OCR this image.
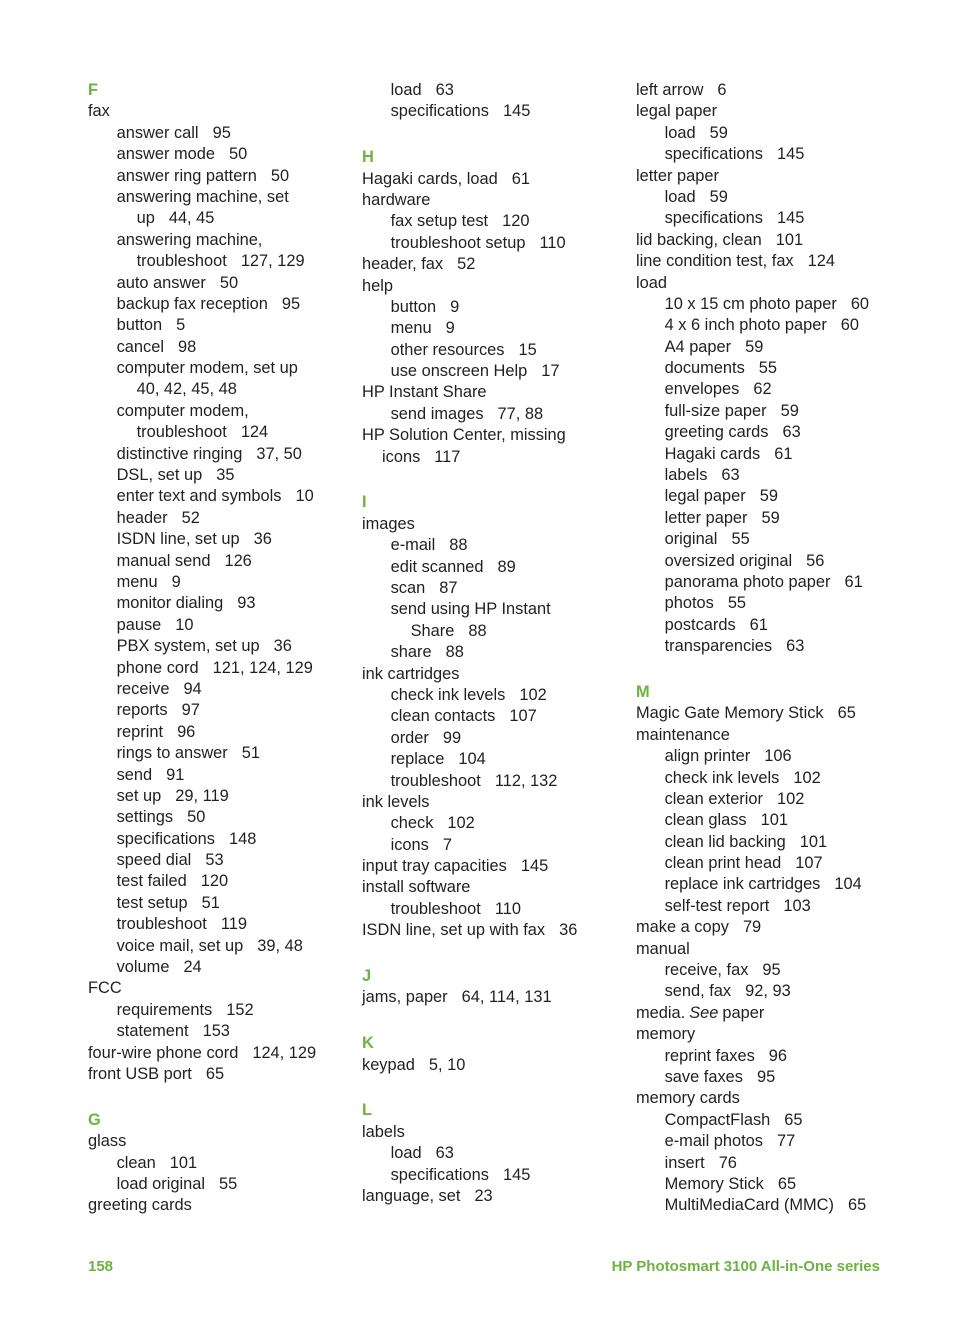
F
fax
answer call 95
answer mode 50
answer ring pattern 50
answering machine, set
up 44, 45
answering machine,
troubleshoot 127, 129
auto answer 50
backup fax reception 95
button 5
cancel 98
computer modem, set up
40, 42, 45, 48
computer modem,
troubleshoot 124
distinctive ringing 37, 50
DSL, set up 35
enter text and symbols 10
header 52
ISDN line, set up 36
manual send 126
menu 9
monitor dialing 93
pause 10
PBX system, set up 36
phone cord 121, 124, 129
receive 94
reports 97
reprint 96
rings to answer 51
send 91
set up 29, 119
settings 50
specifications 148
speed dial 53
test failed 120
test setup 51
troubleshoot 119
voice mail, set up 39, 48
volume 24
FCC
requirements 152
statement 153
four-wire phone cord 124, 129
front USB port 65
G
glass
clean 101
load original 55
greeting cards
load 63
specifications 145
H
Hagaki cards, load 61
hardware
fax setup test 120
troubleshoot setup 110
header, fax 52
help
button 9
menu 9
other resources 15
use onscreen Help 17
HP Instant Share
send images 77, 88
HP Solution Center, missing
icons 117
I
images
e-mail 88
edit scanned 89
scan 87
send using HP Instant
Share 88
share 88
ink cartridges
check ink levels 102
clean contacts 107
order 99
replace 104
troubleshoot 112, 132
ink levels
check 102
icons 7
input tray capacities 145
install software
troubleshoot 110
ISDN line, set up with fax 36
J
jams, paper 64, 114, 131
K
keypad 5, 10
L
labels
load 63
specifications 145
language, set 23
left arrow 6
legal paper
load 59
specifications 145
letter paper
load 59
specifications 145
lid backing, clean 101
line condition test, fax 124
load
10 x 15 cm photo paper 60
4 x 6 inch photo paper 60
A4 paper 59
documents 55
envelopes 62
full-size paper 59
greeting cards 63
Hagaki cards 61
labels 63
legal paper 59
letter paper 59
original 55
oversized original 56
panorama photo paper 61
photos 55
postcards 61
transparencies 63
M
Magic Gate Memory Stick 65
maintenance
align printer 106
check ink levels 102
clean exterior 102
clean glass 101
clean lid backing 101
clean print head 107
replace ink cartridges 104
self-test report 103
make a copy 79
manual
receive, fax 95
send, fax 92, 93
media. See paper
memory
reprint faxes 96
save faxes 95
memory cards
CompactFlash 65
e-mail photos 77
insert 76
Memory Stick 65
MultiMediaCard (MMC) 65
158	HP Photosmart 3100 All-in-One series
